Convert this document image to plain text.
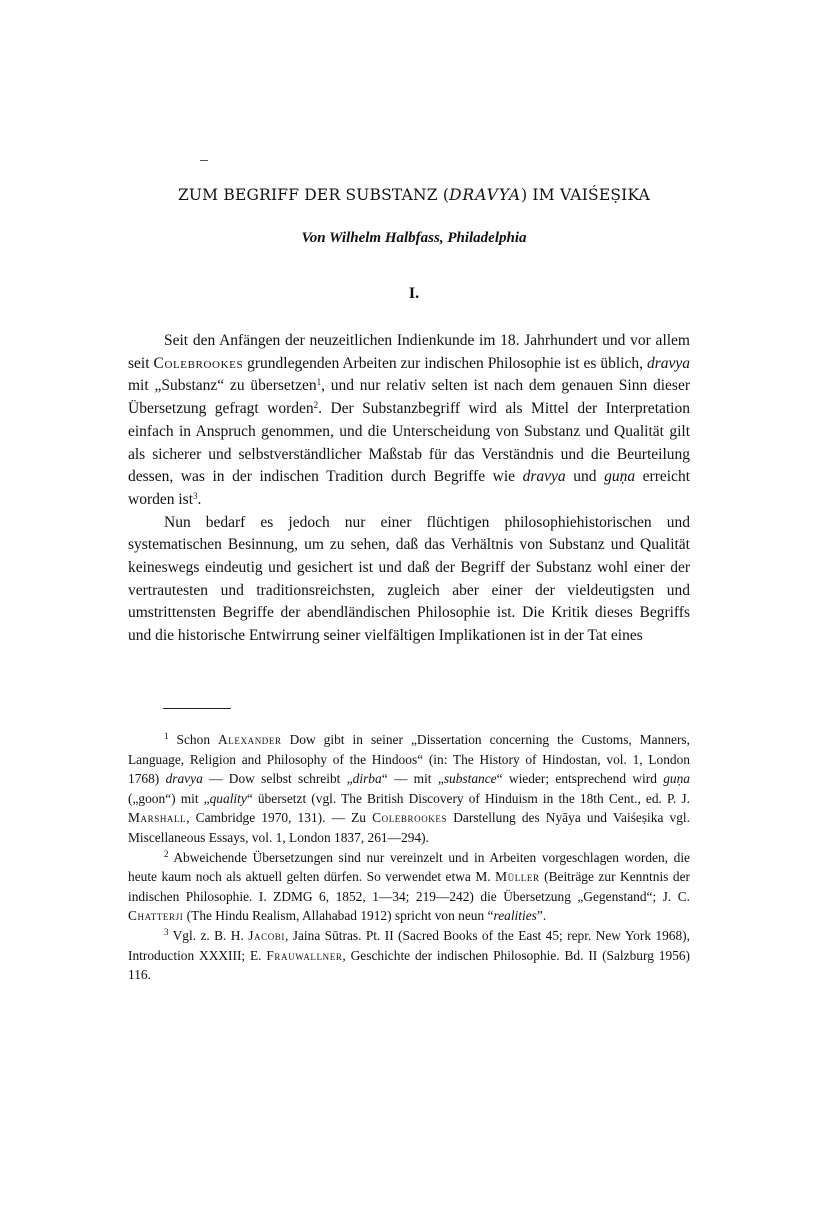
ZUM BEGRIFF DER SUBSTANZ (DRAVYA) IM VAIŚEṢIKA
Von Wilhelm Halbfass, Philadelphia
I.

Seit den Anfängen der neuzeitlichen Indienkunde im 18. Jahrhundert und vor allem seit Colebrookes grundlegenden Arbeiten zur indischen Philosophie ist es üblich, dravya mit „Substanz“ zu übersetzen$^1$, und nur relativ selten ist nach dem genauen Sinn dieser Übersetzung gefragt worden$^2$. Der Substanzbegriff wird als Mittel der Interpretation einfach in Anspruch genommen, und die Unterscheidung von Substanz und Qualität gilt als sicherer und selbstverständlicher Maßstab für das Verständnis und die Beurteilung dessen, was in der indischen Tradition durch Begriffe wie dravya und guṇa erreicht worden ist$^3$.

Nun bedarf es jedoch nur einer flüchtigen philosophiehistorischen und systematischen Besinnung, um zu sehen, daß das Verhältnis von Substanz und Qualität keineswegs eindeutig und gesichert ist und daß der Begriff der Substanz wohl einer der vertrautesten und traditionsreichsten, zugleich aber einer der vieldeutigsten und umstrittensten Begriffe der abendländischen Philosophie ist. Die Kritik dieses Begriffs und die historische Entwirrung seiner vielfältigen Implikationen ist in der Tat eines

$^1$ Schon Alexander Dow gibt in seiner „Dissertation concerning the Customs, Manners, Language, Religion and Philosophy of the Hindoos“ (in: The History of Hindostan, vol. 1, London 1768) dravya — Dow selbst schreibt „dirba“ — mit „substance“ wieder; entsprechend wird guṇa („goon“) mit „quality“ übersetzt (vgl. The British Discovery of Hinduism in the 18th Cent., ed. P. J. Marshall, Cambridge 1970, 131). — Zu Colebrookes Darstellung des Nyāya und Vaiśeṣika vgl. Miscellaneous Essays, vol. 1, London 1837, 261—294).

$^2$ Abweichende Übersetzungen sind nur vereinzelt und in Arbeiten vorgeschlagen worden, die heute kaum noch als aktuell gelten dürfen. So verwendet etwa M. Müller (Beiträge zur Kenntnis der indischen Philosophie. I. ZDMG 6, 1852, 1—34; 219—242) die Übersetzung „Gegenstand“; J. C. Chatterji (The Hindu Realism, Allahabad 1912) spricht von neun “realities”.

$^3$ Vgl. z. B. H. Jacobi, Jaina Sūtras. Pt. II (Sacred Books of the East 45; repr. New York 1968), Introduction XXXIII; E. Frauwallner, Geschichte der indischen Philosophie. Bd. II (Salzburg 1956) 116.
